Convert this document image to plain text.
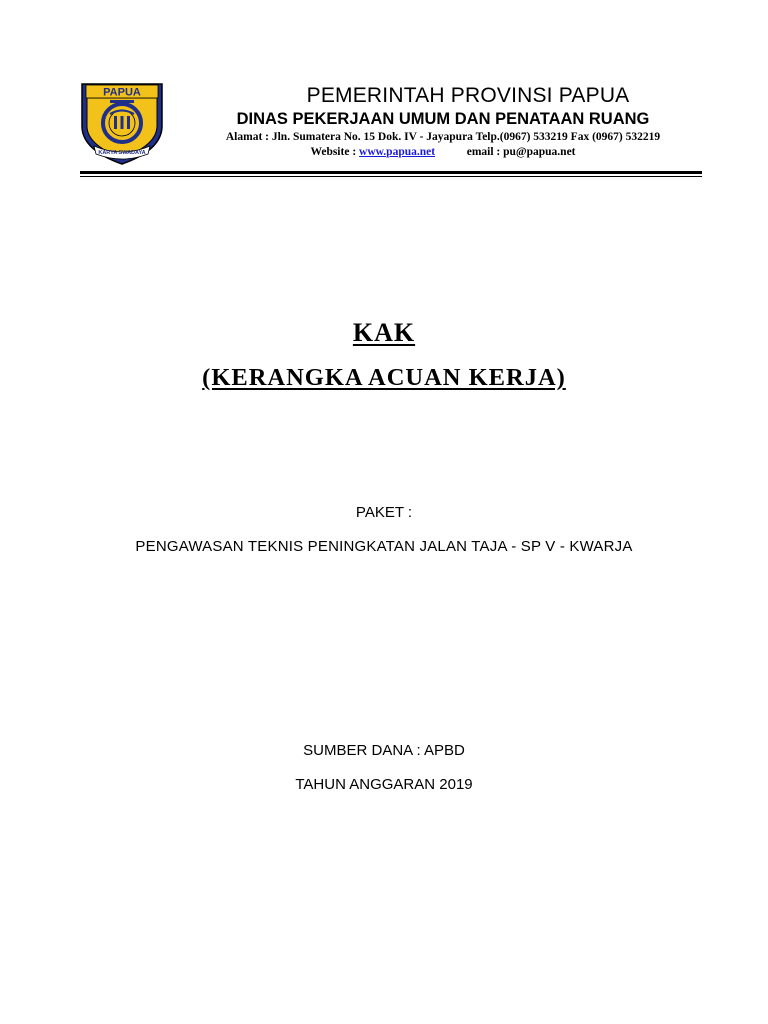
PAPUA
KARYA SWADAYA
PEMERINTAH PROVINSI PAPUA
DINAS PEKERJAAN UMUM DAN PENATAAN RUANG
Alamat : Jln. Sumatera No. 15 Dok. IV - Jayapura Telp.(0967) 533219 Fax (0967) 532219
Website : www.papua.net	email : pu@papua.net
KAK
(KERANGKA ACUAN KERJA)
PAKET :
PENGAWASAN TEKNIS PENINGKATAN JALAN TAJA - SP V - KWARJA
SUMBER DANA : APBD
TAHUN ANGGARAN 2019
